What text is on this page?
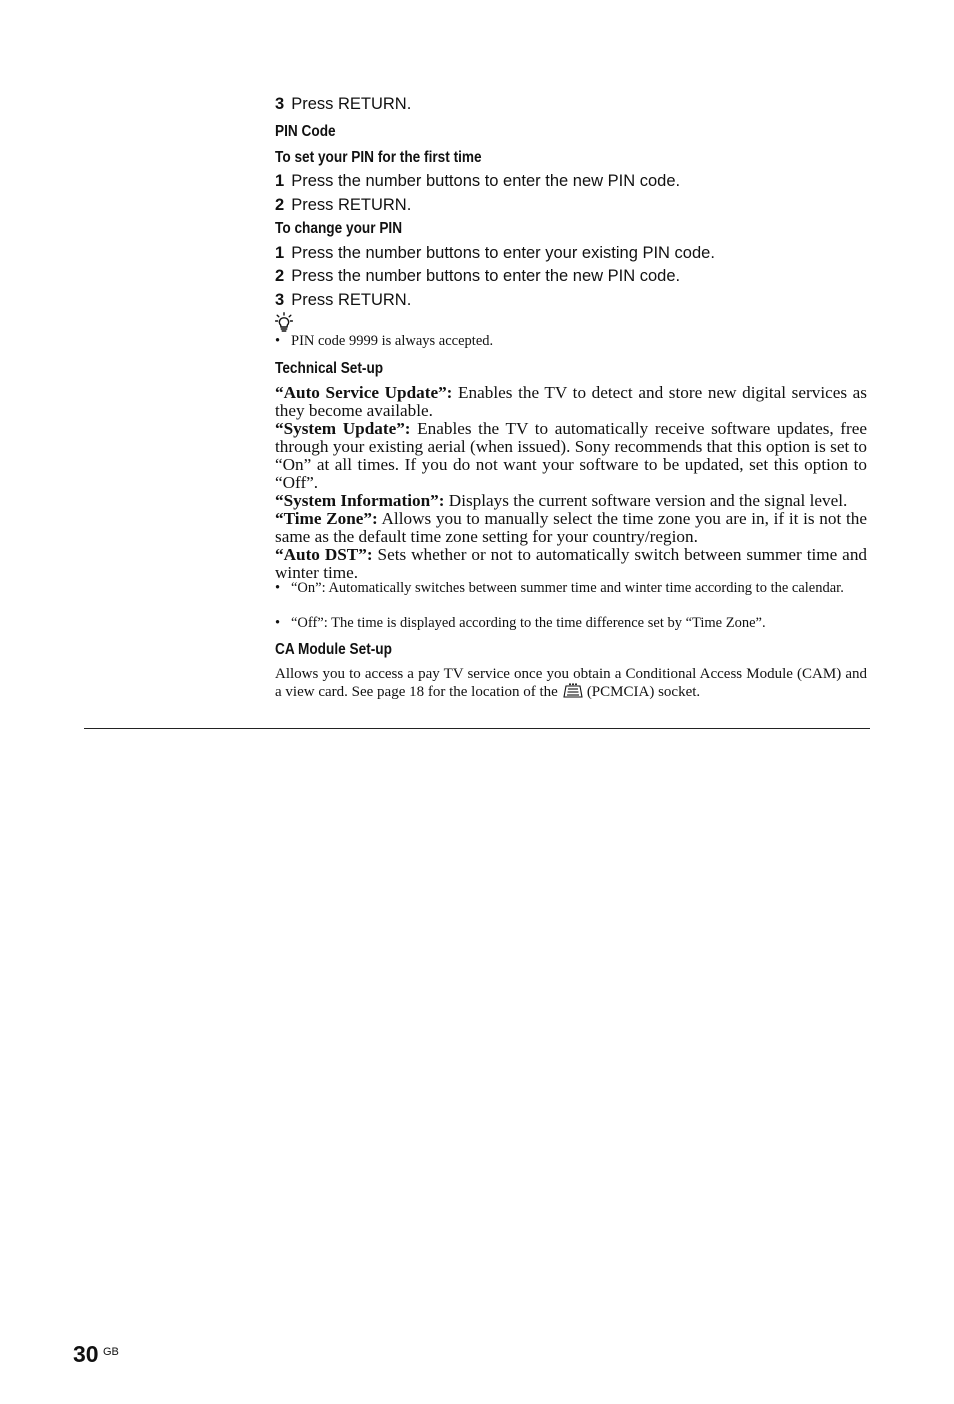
3 Press RETURN.
PIN Code
To set your PIN for the first time
1 Press the number buttons to enter the new PIN code.
2 Press RETURN.
To change your PIN
1 Press the number buttons to enter your existing PIN code.
2 Press the number buttons to enter the new PIN code.
3 Press RETURN.
• PIN code 9999 is always accepted.
Technical Set-up
“Auto Service Update”: Enables the TV to detect and store new digital services as they become available.
“System Update”: Enables the TV to automatically receive software updates, free through your existing aerial (when issued). Sony recommends that this option is set to “On” at all times. If you do not want your software to be updated, set this option to “Off”.
“System Information”: Displays the current software version and the signal level.
“Time Zone”: Allows you to manually select the time zone you are in, if it is not the same as the default time zone setting for your country/region.
“Auto DST”: Sets whether or not to automatically switch between summer time and winter time.
• “On”: Automatically switches between summer time and winter time according to the calendar.
• “Off”: The time is displayed according to the time difference set by “Time Zone”.
CA Module Set-up
Allows you to access a pay TV service once you obtain a Conditional Access Module (CAM) and a view card. See page 18 for the location of the (PCMCIA) socket.
30 GB
